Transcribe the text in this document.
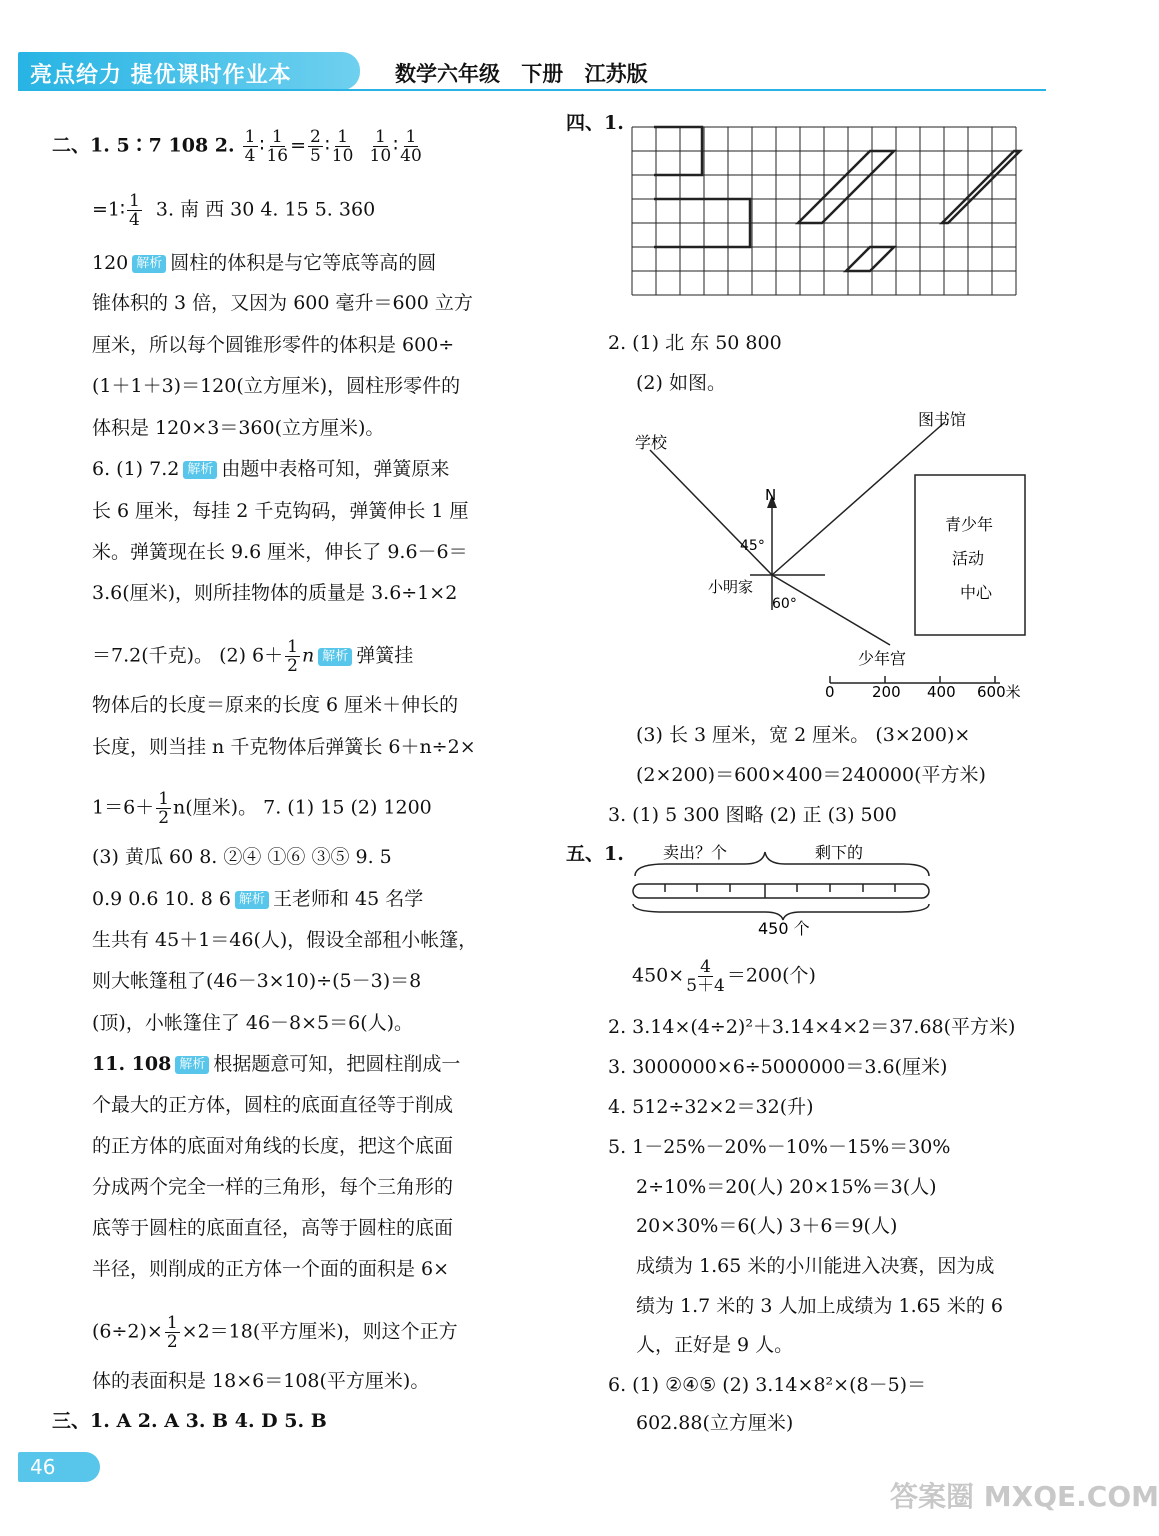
亮点给力 提优课时作业本	数学六年级 下册 江苏版
二、1. 5∶7 108 2. $\frac{1}{4}$ ∶ $\frac{1}{16} = \frac{2}{5}$ ∶ $\frac{1}{10}$
$\frac{1}{10}$ ∶ $\frac{1}{40}$
=1∶ $\frac{1}{4} 3$. 南 西 30 4. 15 5. 360
120 解析 圆柱的体积是与它等底等高的圆
锥体积的 3 倍，又因为 600 毫升＝600 立方
厘米，所以每个圆锥形零件的体积是 600÷
(1＋1＋3)＝120(立方厘米)，圆柱形零件的
体积是 120×3＝360(立方厘米)。
6. (1) 7.2 解析 由题中表格可知，弹簧原来
长 6 厘米，每挂 2 千克钩码，弹簧伸长 1 厘
米。弹簧现在长 9.6 厘米，伸长了 9.6－6＝
3.6(厘米)，则所挂物体的质量是 3.6÷1×2
＝7.2(千克)。 (2) $6+ \frac{1}{2}$ n 解析 弹簧挂
物体后的长度＝原来的长度 6 厘米＋伸长的
长度，则当挂 n 千克物体后弹簧长 6＋n÷2×
$1=6+ \frac{1}{2} n$(厘米)。 7. (1) 15 (2) 1200
(3) 黄瓜 60 8. ②④ ①⑥ ③⑤ 9. 5
0.9 0.6 10. 8 6 解析 王老师和 45 名学
生共有 45＋1＝46(人)，假设全部租小帐篷，
则大帐篷租了(46－3×10)÷(5－3)＝8
(顶)，小帐篷住了 46－8×5＝6(人)。
11. 108 解析 根据题意可知，把圆柱削成一
个最大的正方体，圆柱的底面直径等于削成
的正方体的底面对角线的长度，把这个底面
分成两个完全一样的三角形，每个三角形的
底等于圆柱的底面直径，高等于圆柱的底面
半径，则削成的正方体一个面的面积是 6×
$(6\div 2)\times \frac{1}{2} \times 2=18$(平方厘米)，则这个正方
体的表面积是 18×6＝108(平方厘米)。
三、1. A 2. A 3. B 4. D 5. B
四、1.
2. (1) 北 东 50 800
(2) 如图。
N
图书馆
学校
45°
小明家
60°
少年宫
青少年
活动
中心
0 200 400 600米
(3) 长 3 厘米，宽 2 厘米。 (3×200)×
(2×200)＝600×400＝240000(平方米)
3. (1) 5 300 图略 (2) 正 (3) 500
五、1. 卖出？个	剩下的
450 个
$450\times \frac{4}{5+4} =200$(个)
2. 3.14×(4÷2)²＋3.14×4×2＝37.68(平方米)
3. 3000000×6÷5000000＝3.6(厘米)
4. 512÷32×2＝32(升)
5. 1－25%－20%－10%－15%＝30%
2÷10%＝20(人) 20×15%＝3(人)
20×30%＝6(人) 3＋6＝9(人)
成绩为 1.65 米的小川能进入决赛，因为成
绩为 1.7 米的 3 人加上成绩为 1.65 米的 6
人，正好是 9 人。
6. (1) ②④⑤ (2) 3.14×8²×(8－5)＝
602.88(立方厘米)
46
答案圈 MXQE.COM
